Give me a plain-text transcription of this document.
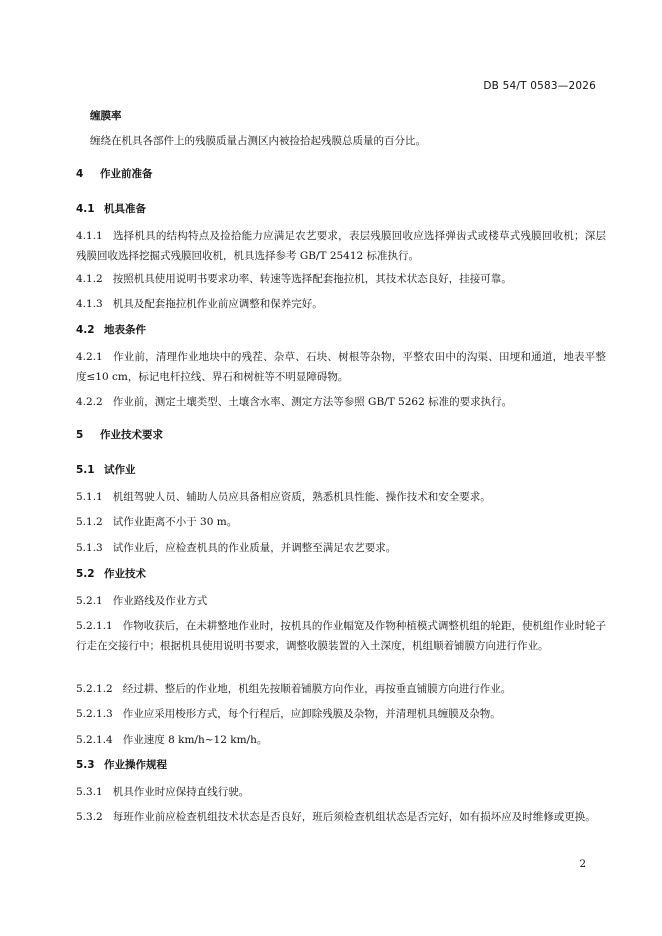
DB 54/T 0583—2026
缠膜率
缠绕在机具各部件上的残膜质量占测区内被捡拾起残膜总质量的百分比。
4 作业前准备
4.1 机具准备
4.1.1 选择机具的结构特点及捡拾能力应满足农艺要求，表层残膜回收应选择弹齿式或楼草式残膜回收机；深层残膜回收选择挖掘式残膜回收机，机具选择参考 GB/T 25412 标准执行。
4.1.2 按照机具使用说明书要求功率、转速等选择配套拖拉机，其技术状态良好，挂接可靠。
4.1.3 机具及配套拖拉机作业前应调整和保养完好。
4.2 地表条件
4.2.1 作业前，清理作业地块中的残茬、杂草、石块、树根等杂物，平整农田中的沟渠、田埂和通道，地表平整度≤10 cm，标记电杆拉线、界石和树桩等不明显障碍物。
4.2.2 作业前，测定土壤类型、土壤含水率、测定方法等参照 GB/T 5262 标准的要求执行。
5 作业技术要求
5.1 试作业
5.1.1 机组驾驶人员、辅助人员应具备相应资质，熟悉机具性能、操作技术和安全要求。
5.1.2 试作业距离不小于 30 m。
5.1.3 试作业后，应检查机具的作业质量，并调整至满足农艺要求。
5.2 作业技术
5.2.1 作业路线及作业方式
5.2.1.1 作物收获后，在未耕整地作业时，按机具的作业幅宽及作物种植模式调整机组的轮距，使机组作业时轮子行走在交接行中；根据机具使用说明书要求，调整收膜装置的入土深度，机组顺着铺膜方向进行作业。
5.2.1.2 经过耕、整后的作业地，机组先按顺着铺膜方向作业，再按垂直铺膜方向进行作业。
5.2.1.3 作业应采用梭形方式，每个行程后，应卸除残膜及杂物，并清理机具缠膜及杂物。
5.2.1.4 作业速度 8 km/h~12 km/h。
5.3 作业操作规程
5.3.1 机具作业时应保持直线行驶。
5.3.2 每班作业前应检查机组技术状态是否良好，班后须检查机组状态是否完好，如有损坏应及时维修或更换。
2
